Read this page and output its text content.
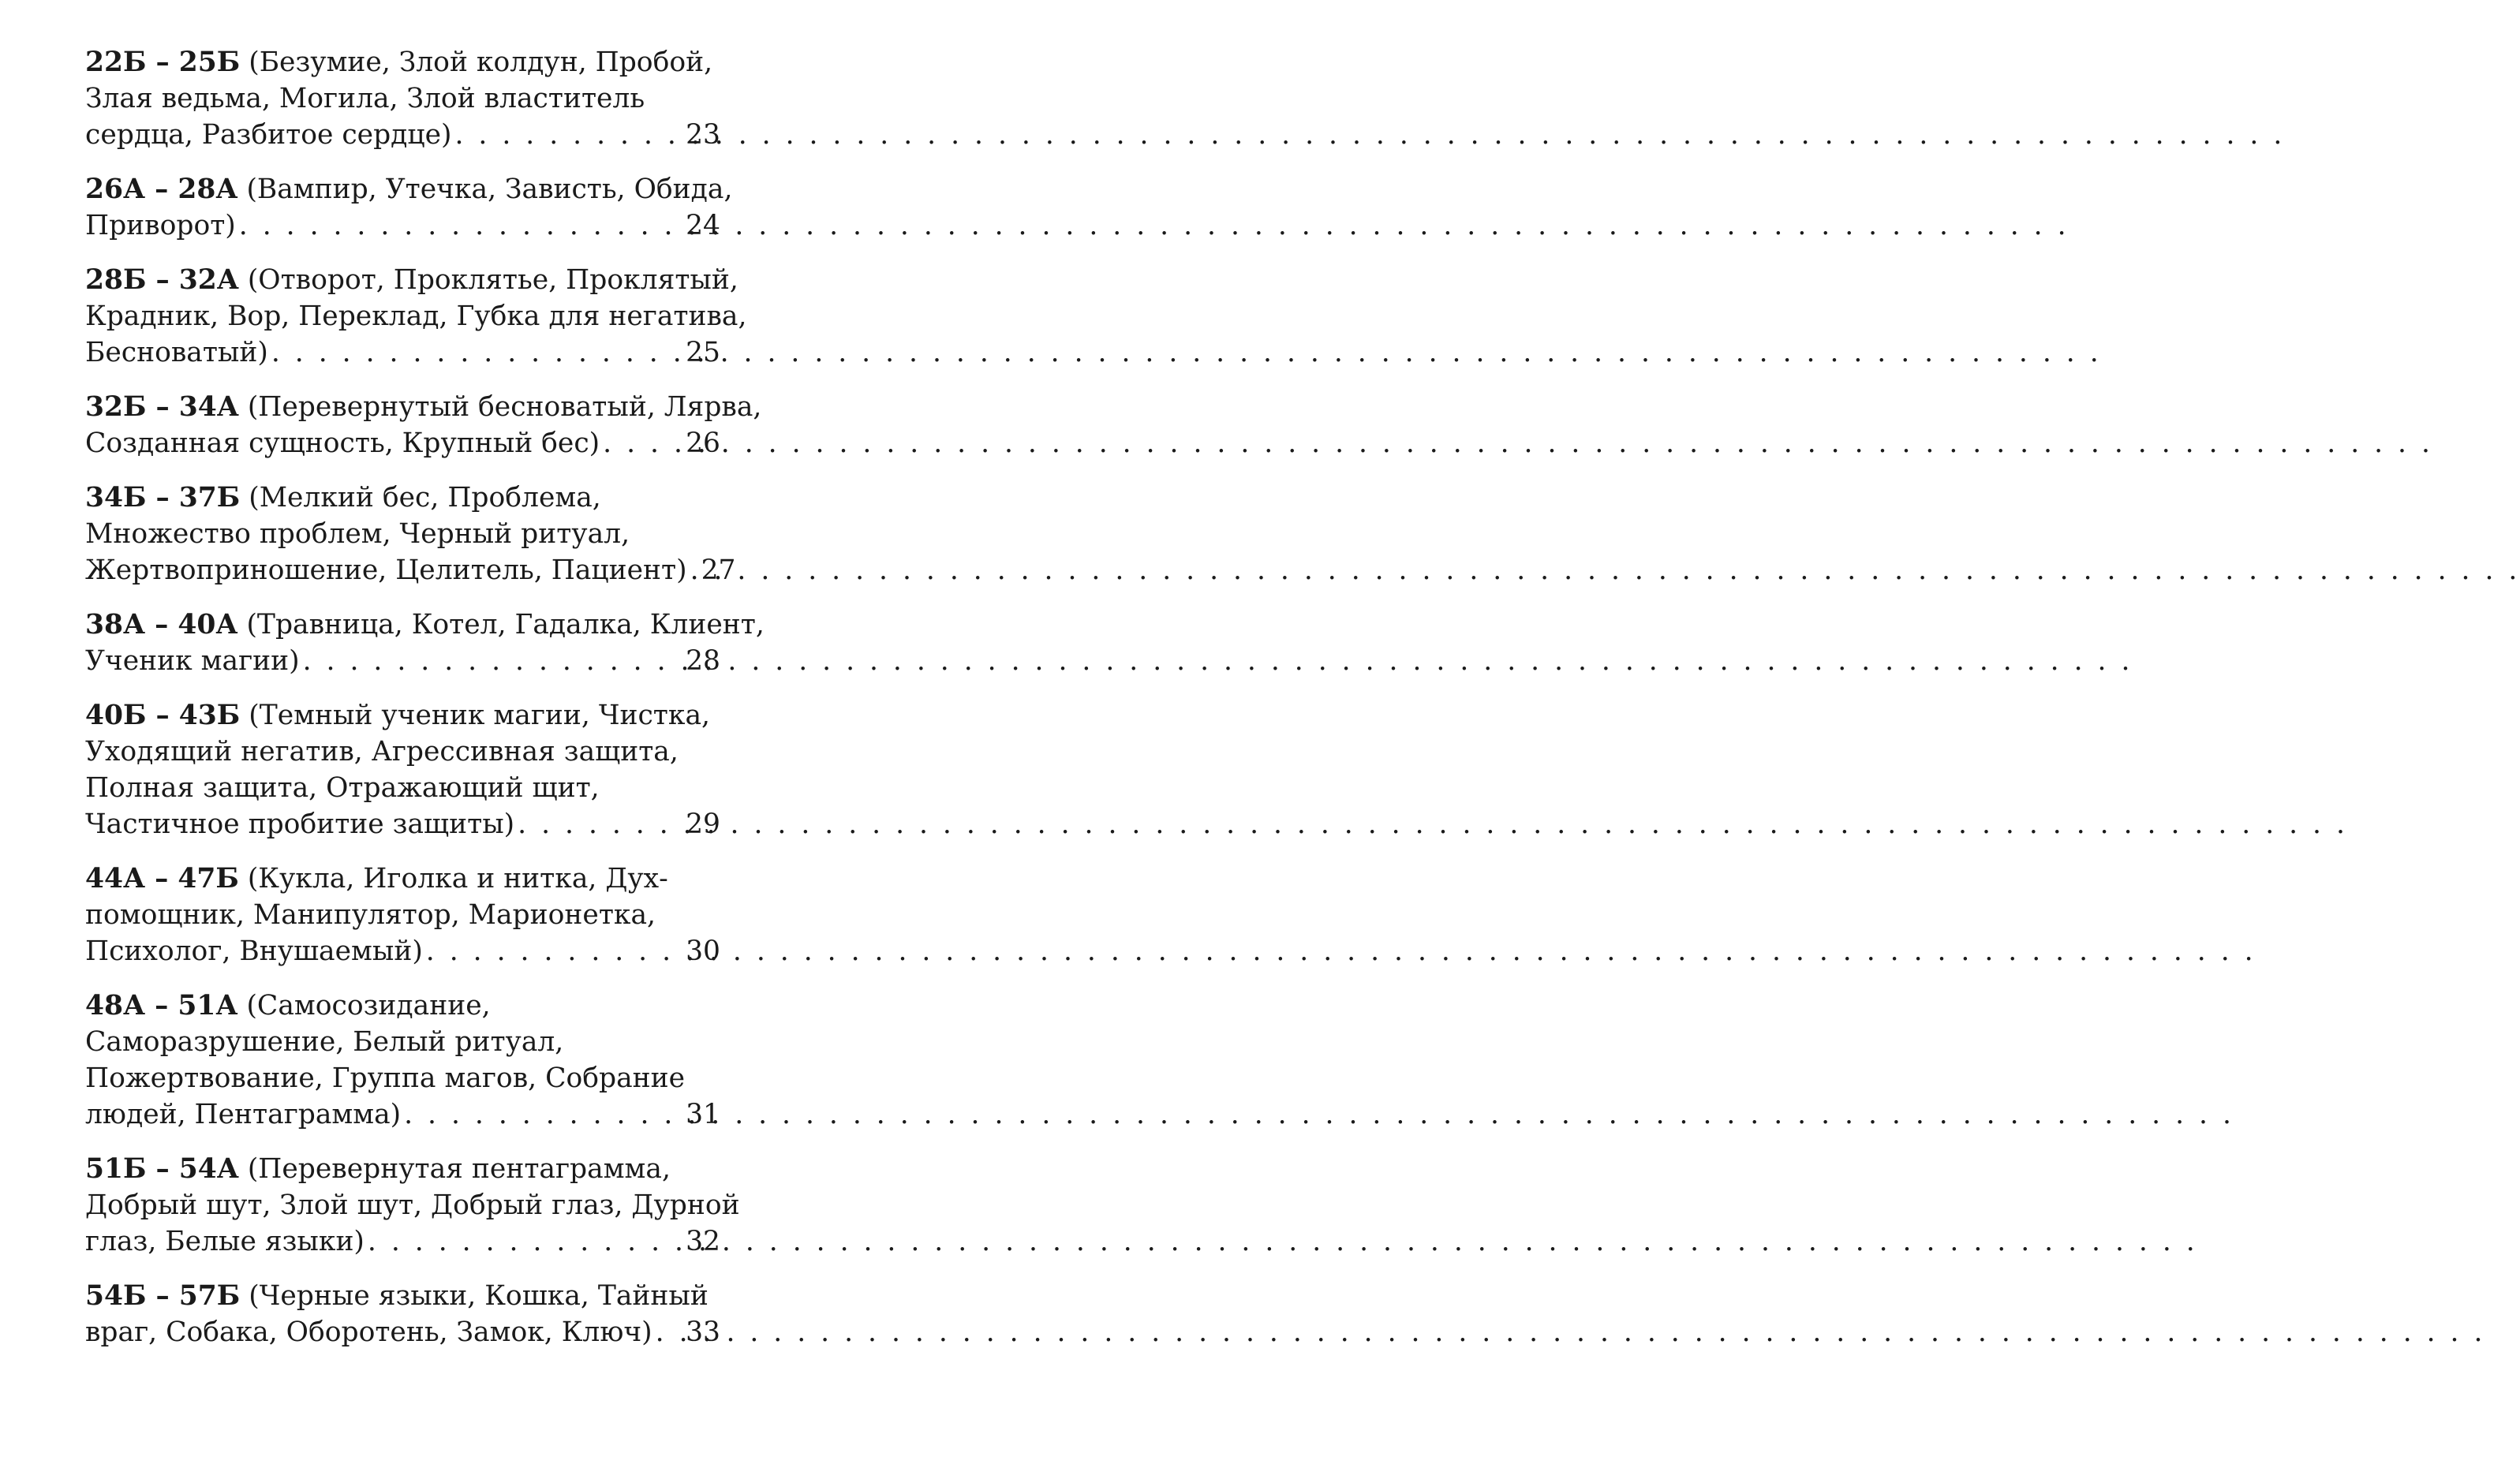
22Б – 25Б (Безумие, Злой колдун, Пробой,
Злая ведьма, Могила, Злой властитель
сердца, Разбитое сердце) . . .	23
26А – 28А (Вампир, Утечка, Зависть, Обида,
Приворот) . . .	24
28Б – 32А (Отворот, Проклятье, Проклятый,
Крадник, Вор, Переклад, Губка для негатива,
Бесноватый) . . .	25
32Б – 34А (Перевернутый бесноватый, Лярва,
Созданная сущность, Крупный бес) . . .	26
34Б – 37Б (Мелкий бес, Проблема,
Множество проблем, Черный ритуал,
Жертвоприношение, Целитель, Пациент) . . . 27
38А – 40А (Травница, Котел, Гадалка, Клиент,
Ученик магии) . . .	28
40Б – 43Б (Темный ученик магии, Чистка,
Уходящий негатив, Агрессивная защита,
Полная защита, Отражающий щит,
Частичное пробитие защиты) . . .	29
44А – 47Б (Кукла, Иголка и нитка, Дух-
помощник, Манипулятор, Марионетка,
Психолог, Внушаемый) . . .	30
48А – 51А (Самосозидание,
Саморазрушение, Белый ритуал,
Пожертвование, Группа магов, Собрание
людей, Пентаграмма) . . .	31
51Б – 54А (Перевернутая пентаграмма,
Добрый шут, Злой шут, Добрый глаз, Дурной
глаз, Белые языки) . . .	32
54Б – 57Б (Черные языки, Кошка, Тайный
враг, Собака, Оборотень, Замок, Ключ) . . . 33
